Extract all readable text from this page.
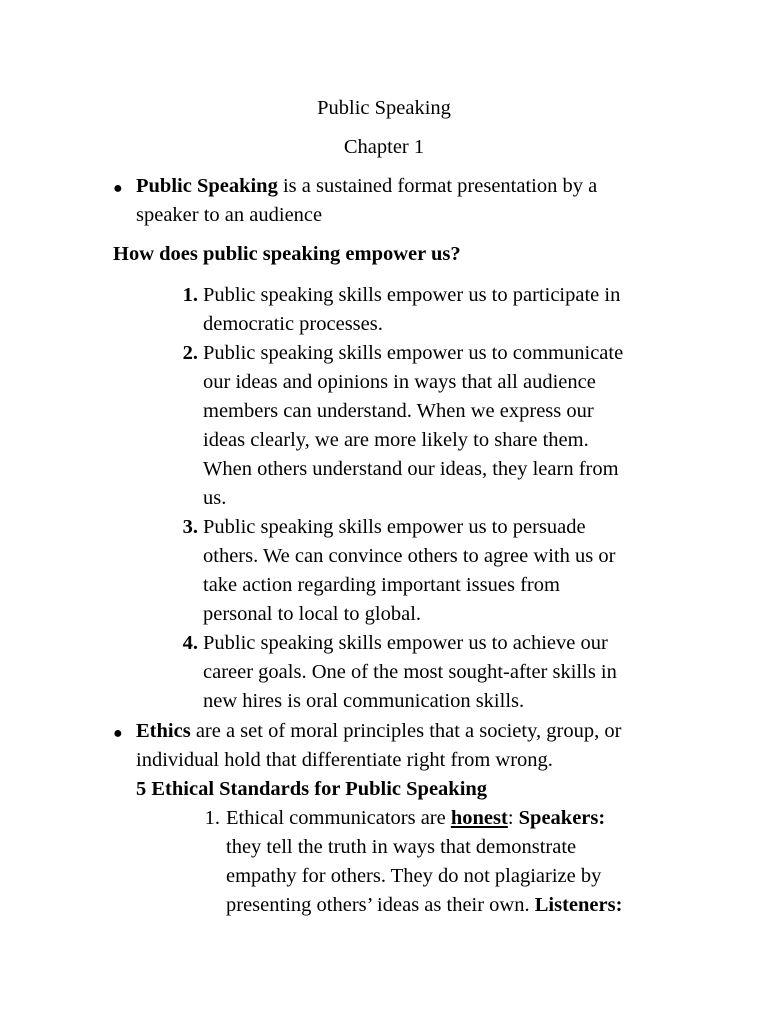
Public Speaking
Chapter 1
● Public Speaking is a sustained format presentation by a
speaker to an audience
How does public speaking empower us?
1. Public speaking skills empower us to participate in
democratic processes.
2. Public speaking skills empower us to communicate
our ideas and opinions in ways that all audience
members can understand. When we express our
ideas clearly, we are more likely to share them.
When others understand our ideas, they learn from
us.
3. Public speaking skills empower us to persuade
others. We can convince others to agree with us or
take action regarding important issues from
personal to local to global.
4. Public speaking skills empower us to achieve our
career goals. One of the most sought-after skills in
new hires is oral communication skills.
● Ethics are a set of moral principles that a society, group, or
individual hold that differentiate right from wrong.
5 Ethical Standards for Public Speaking
1. Ethical communicators are honest: Speakers:
they tell the truth in ways that demonstrate
empathy for others. They do not plagiarize by
presenting others’ ideas as their own. Listeners:
